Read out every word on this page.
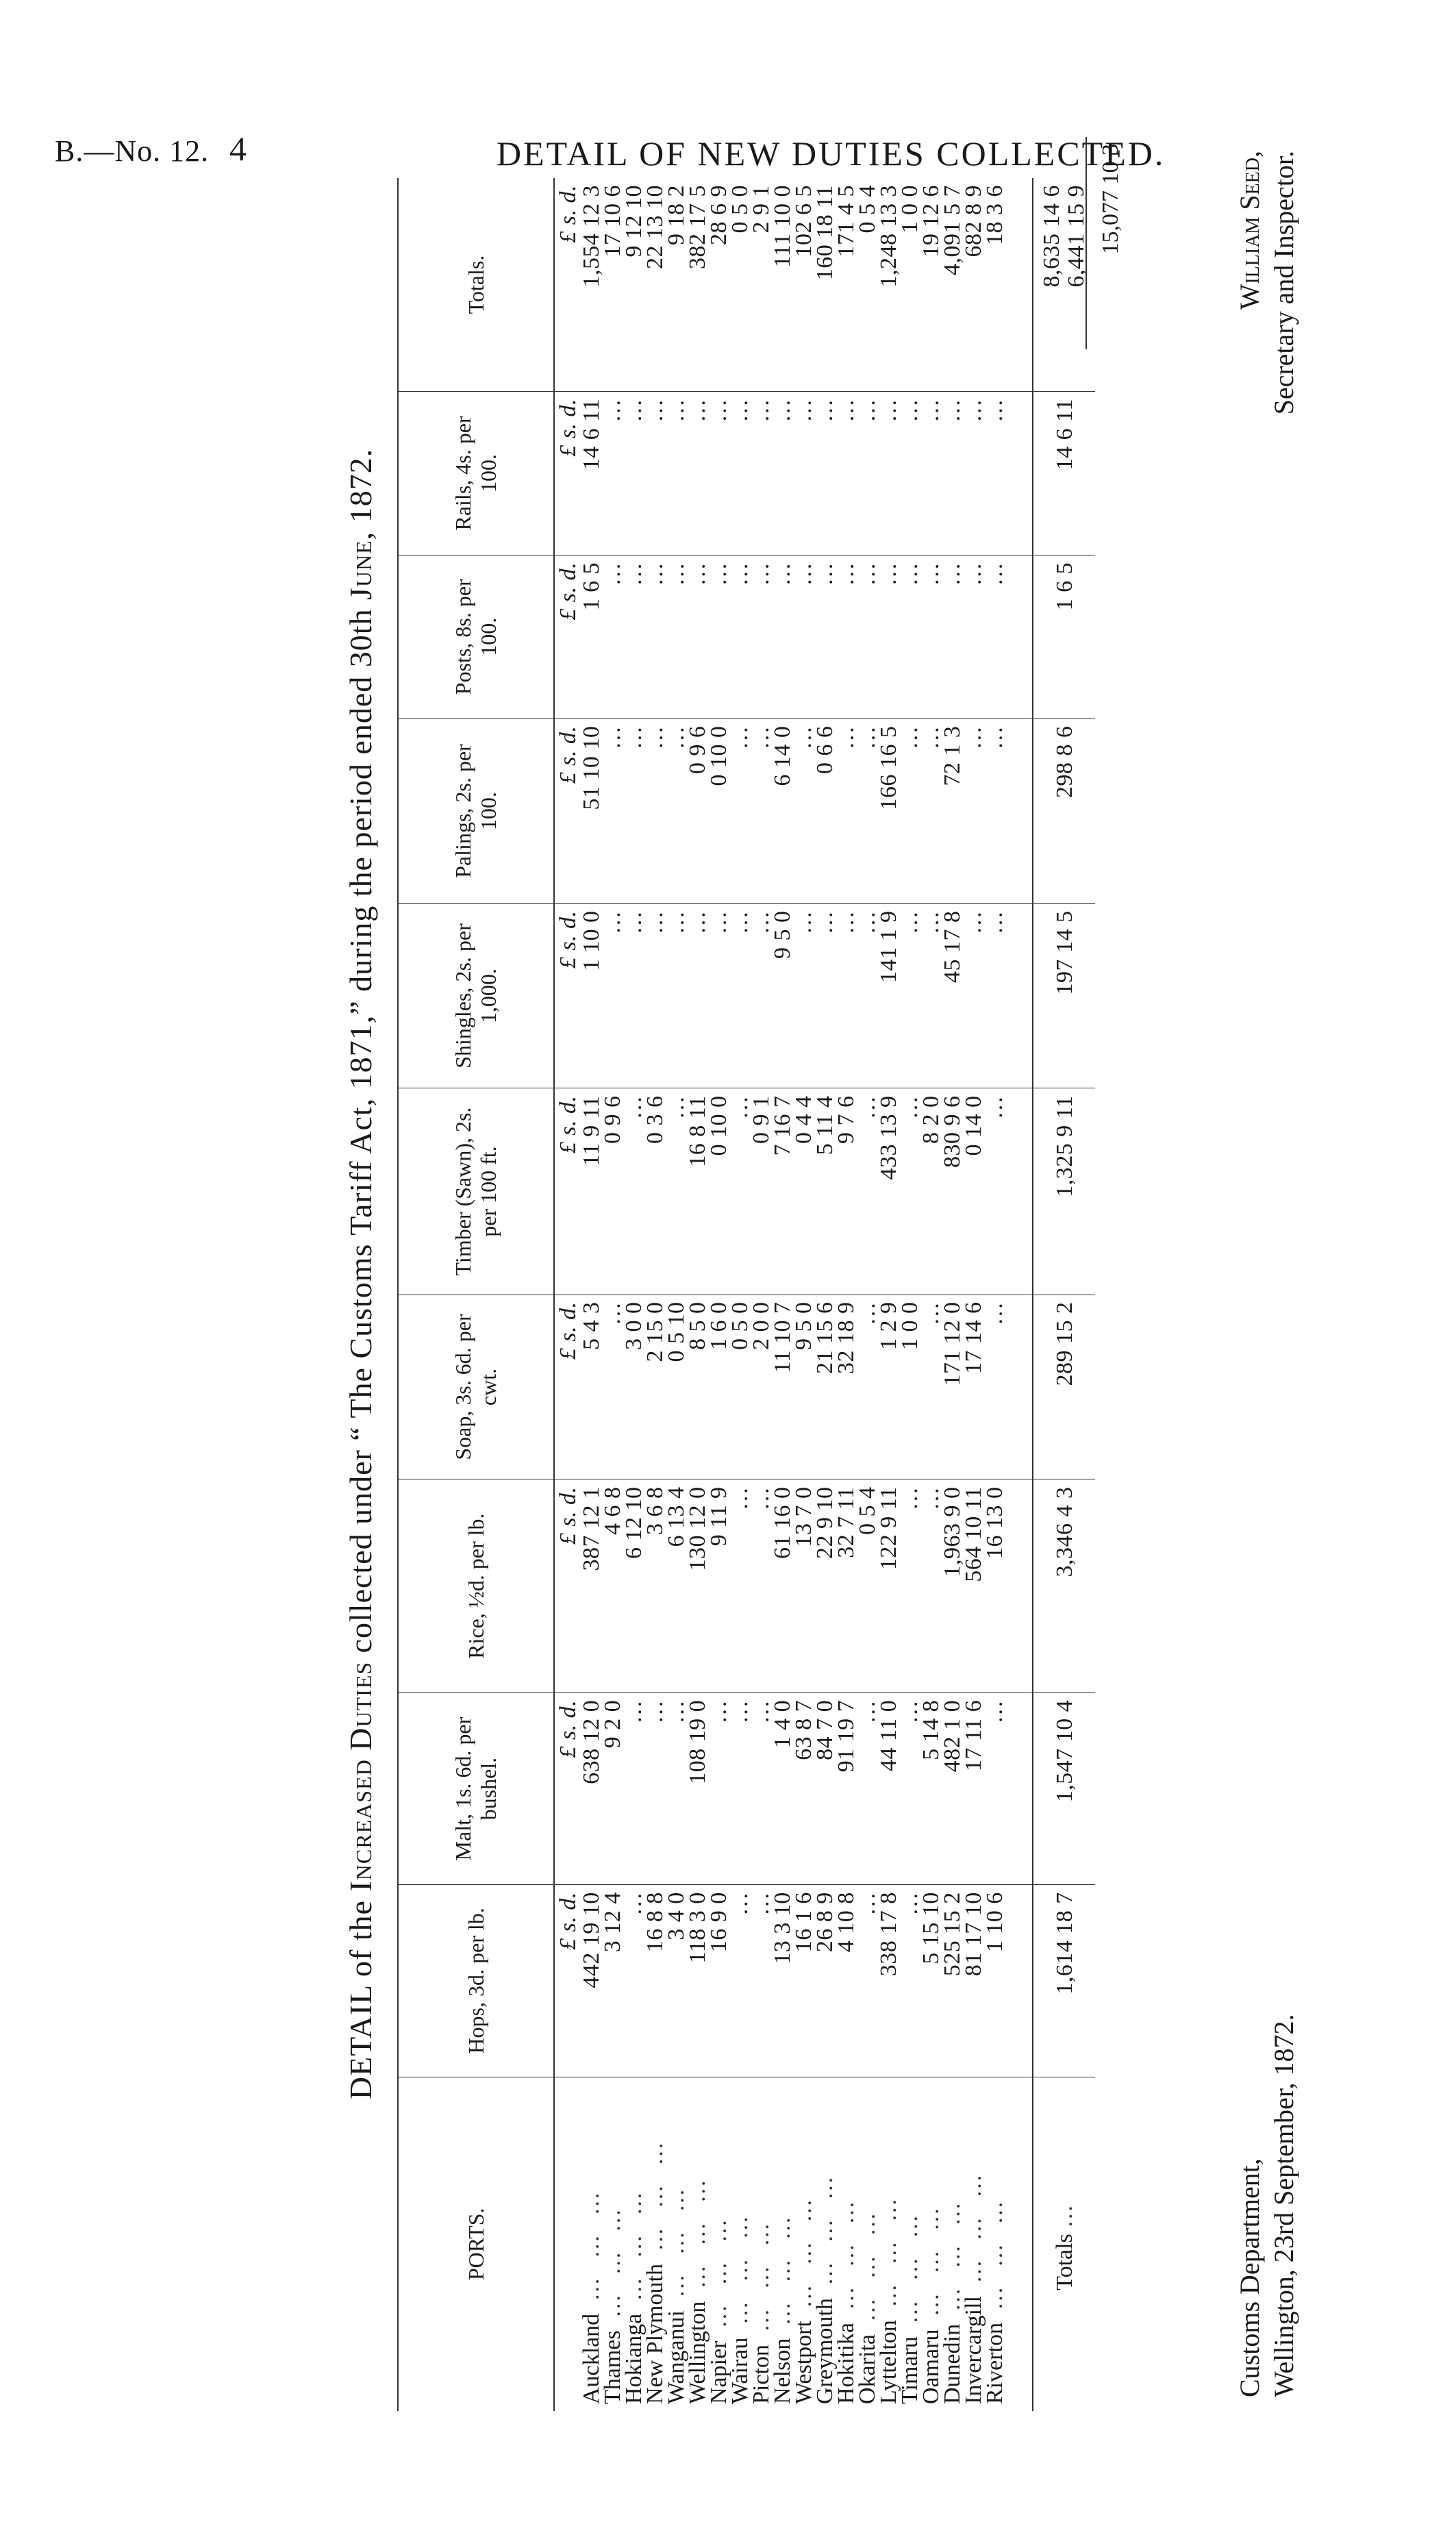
B.—No. 12. 4	DETAIL OF NEW DUTIES COLLECTED.
DETAIL of the Increased Duties collected under “ The Customs Tariff Act, 1871,” during the period ended 30th June, 1872.
PORTS.	Hops, 3d. per lb.	Malt, 1s. 6d. per bushel.	Rice, ½d. per lb.	Soap, 3s. 6d. per cwt.	Timber (Sawn), 2s. per 100 ft.	Shingles, 2s. per 1,000.	Palings, 2s. per 100.	Posts, 8s. per 100.	Rails, 4s. per 100.	Totals.
	£ s. d.	£ s. d.	£ s. d.	£ s. d.	£ s. d.	£ s. d.	£ s. d.	£ s. d.	£ s. d.	£ s. d.
Auckland … … …	442 19 10	638 12 0	387 12 1	5 4 3	11 9 11	1 10 0	51 10 10	1 6 5	14 6 11	1,554 12 3
Thames … … …	3 12 4	9 2 0	4 6 8	…	0 9 6	…	…	…	…	17 10 6
Hokianga … … …	…	…	6 12 10	3 0 0	…	…	…	…	…	9 12 10
New Plymouth … … …	16 8 8	…	3 6 8	2 15 0	0 3 6	…	…	…	…	22 13 10
Wanganui … … …	3 4 0	…	6 13 4	0 5 10	…	…	…	…	…	9 18 2
Wellington … … …	118 3 0	108 19 0	130 12 0	8 5 0	16 8 11	…	0 9 6	…	…	382 17 5
Napier … … …	16 9 0	…	9 11 9	1 6 0	0 10 0	…	0 10 0	…	…	28 6 9
Wairau … … …	…	…	…	0 5 0	…	…	…	…	…	0 5 0
Picton … … …	…	…	…	2 0 0	0 9 1	…	…	…	…	2 9 1
Nelson … … …	13 3 10	1 4 0	61 16 0	11 10 7	7 16 7	9 5 0	6 14 0	…	…	111 10 0
Westport … … …	16 1 6	63 8 7	13 7 0	9 5 0	0 4 4	…	…	…	…	102 6 5
Greymouth … … …	26 8 9	84 7 0	22 9 10	21 15 6	5 11 4	…	0 6 6	…	…	160 18 11
Hokitika … … …	4 10 8	91 19 7	32 7 11	32 18 9	9 7 6	…	…	…	…	171 4 5
Okarita … … …	…	…	0 5 4	…	…	…	…	…	…	0 5 4
Lyttelton … … …	338 17 8	44 11 0	122 9 11	1 2 9	433 13 9	141 1 9	166 16 5	…	…	1,248 13 3
Timaru … … …	…	…	…	1 0 0	…	…	…	…	…	1 0 0
Oamaru … … …	5 15 10	5 14 8	…	…	8 2 0	…	…	…	…	19 12 6
Dunedin … … …	525 15 2	482 1 0	1,963 9 0	171 12 0	830 9 6	45 17 8	72 1 3	…	…	4,091 5 7
Invercargill … … …	81 17 10	17 11 6	564 10 11	17 14 6	0 14 0	…	…	…	…	682 8 9
Riverton … … …	1 10 6	…	16 13 0	…	…	…	…	…	…	18 3 6
Totals …	1,614 18 7	1,547 10 4	3,346 4 3	289 15 2	1,325 9 11	197 14 5	298 8 6	1 6 5	14 6 11	8,635 14 6 6,441 15 9 15,077 10 3
Customs Department, Wellington, 23rd September, 1872.
William Seed, Secretary and Inspector.
